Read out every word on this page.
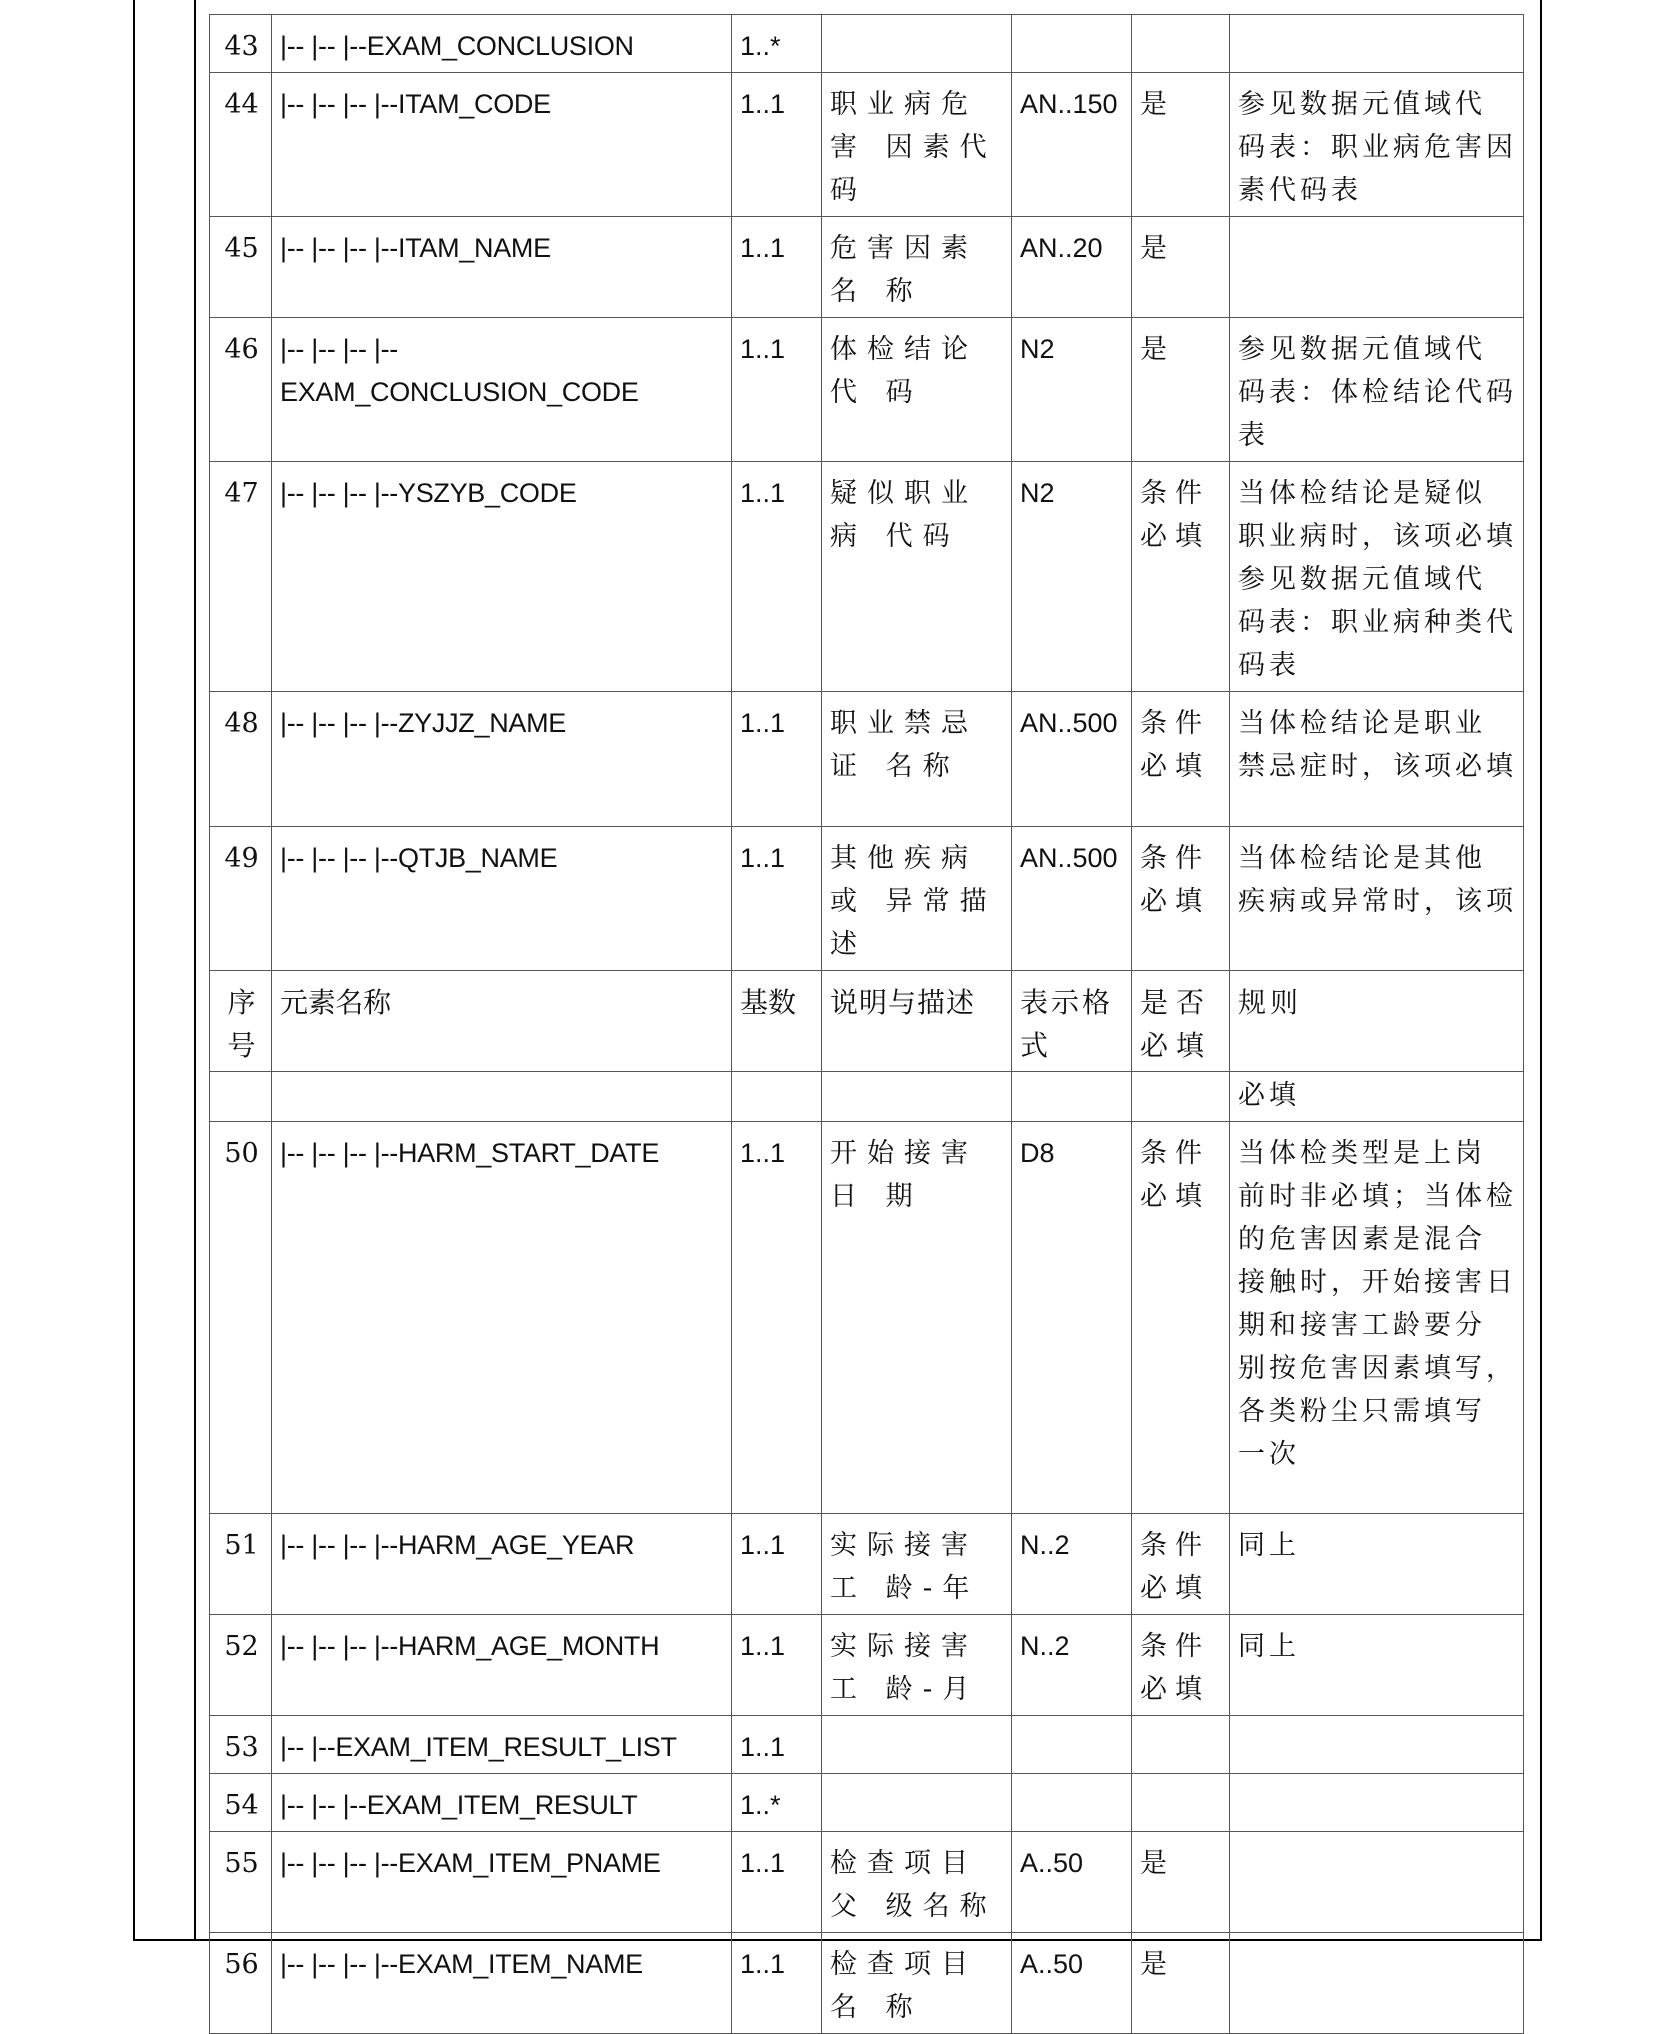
43	|-- |-- |--EXAM_CONCLUSION	1..*				
44	|-- |-- |-- |--ITAM_CODE	1..1	职业病危害 因素代码	AN..150	是	参见数据元值域代 码表：职业病危害因 素代码表
45	|-- |-- |-- |--ITAM_NAME	1..1	危害因素名 称	AN..20	是	
46	|-- |-- |-- |-- EXAM_CONCLUSION_CODE	1..1	体检结论代 码	N2	是	参见数据元值域代 码表：体检结论代码 表
47	|-- |-- |-- |--YSZYB_CODE	1..1	疑似职业病 代码	N2	条件必填	当体检结论是疑似 职业病时，该项必填 参见数据元值域代 码表：职业病种类代 码表
48	|-- |-- |-- |--ZYJJZ_NAME	1..1	职业禁忌证 名称	AN..500	条件必填	当体检结论是职业 禁忌症时，该项必填
49	|-- |-- |-- |--QTJB_NAME	1..1	其他疾病或 异常描述	AN..500	条件必填	当体检结论是其他 疾病或异常时，该项
序号	元素名称	基数	说明与描述	表示格式	是否必填	规则
						必填
50	|-- |-- |-- |--HARM_START_DATE	1..1	开始接害日 期	D8	条件必填	当体检类型是上岗 前时非必填；当体检 的危害因素是混合 接触时，开始接害日 期和接害工龄要分 别按危害因素填写， 各类粉尘只需填写 一次
51	|-- |-- |-- |--HARM_AGE_YEAR	1..1	实际接害工 龄-年	N..2	条件必填	同上
52	|-- |-- |-- |--HARM_AGE_MONTH	1..1	实际接害工 龄-月	N..2	条件必填	同上
53	|-- |--EXAM_ITEM_RESULT_LIST	1..1				
54	|-- |-- |--EXAM_ITEM_RESULT	1..*				
55	|-- |-- |-- |--EXAM_ITEM_PNAME	1..1	检查项目父 级名称	A..50	是	
56	|-- |-- |-- |--EXAM_ITEM_NAME	1..1	检查项目名 称	A..50	是	
